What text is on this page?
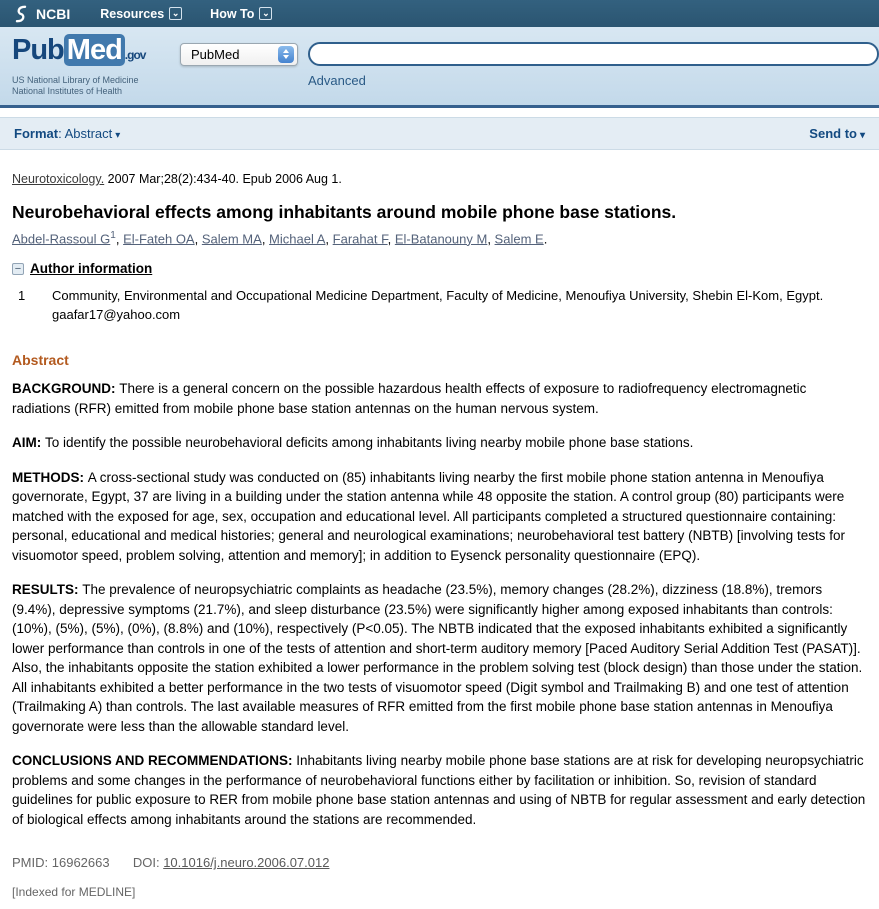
NCBI Resources ⌄ How To ⌄
Pub Med .gov
US National Library of Medicine
National Institutes of Health
PubMed
Advanced
Format: Abstract ▾	Send to ▾
Neurotoxicology. 2007 Mar;28(2):434-40. Epub 2006 Aug 1.
Neurobehavioral effects among inhabitants around mobile phone base stations.
Abdel-Rassoul $G^1$, El-Fateh OA, Salem MA, Michael A, Farahat F, El-Batanouny M, Salem E.
− Author information
1	Community, Environmental and Occupational Medicine Department, Faculty of Medicine, Menoufiya University, Shebin El-Kom, Egypt. gaafar17@yahoo.com
Abstract

BACKGROUND: There is a general concern on the possible hazardous health effects of exposure to radiofrequency electromagnetic radiations (RFR) emitted from mobile phone base station antennas on the human nervous system.

AIM: To identify the possible neurobehavioral deficits among inhabitants living nearby mobile phone base stations.

METHODS: A cross-sectional study was conducted on (85) inhabitants living nearby the first mobile phone station antenna in Menoufiya governorate, Egypt, 37 are living in a building under the station antenna while 48 opposite the station. A control group (80) participants were matched with the exposed for age, sex, occupation and educational level. All participants completed a structured questionnaire containing: personal, educational and medical histories; general and neurological examinations; neurobehavioral test battery (NBTB) [involving tests for visuomotor speed, problem solving, attention and memory]; in addition to Eysenck personality questionnaire (EPQ).

RESULTS: The prevalence of neuropsychiatric complaints as headache (23.5%), memory changes (28.2%), dizziness (18.8%), tremors (9.4%), depressive symptoms (21.7%), and sleep disturbance (23.5%) were significantly higher among exposed inhabitants than controls: (10%), (5%), (5%), (0%), (8.8%) and (10%), respectively (P<0.05). The NBTB indicated that the exposed inhabitants exhibited a significantly lower performance than controls in one of the tests of attention and short-term auditory memory [Paced Auditory Serial Addition Test (PASAT)]. Also, the inhabitants opposite the station exhibited a lower performance in the problem solving test (block design) than those under the station. All inhabitants exhibited a better performance in the two tests of visuomotor speed (Digit symbol and Trailmaking B) and one test of attention (Trailmaking A) than controls. The last available measures of RFR emitted from the first mobile phone base station antennas in Menoufiya governorate were less than the allowable standard level.

CONCLUSIONS AND RECOMMENDATIONS: Inhabitants living nearby mobile phone base stations are at risk for developing neuropsychiatric problems and some changes in the performance of neurobehavioral functions either by facilitation or inhibition. So, revision of standard guidelines for public exposure to RER from mobile phone base station antennas and using of NBTB for regular assessment and early detection of biological effects among inhabitants around the stations are recommended.

PMID: 16962663 DOI: 10.1016/j.neuro.2006.07.012
[Indexed for MEDLINE]
